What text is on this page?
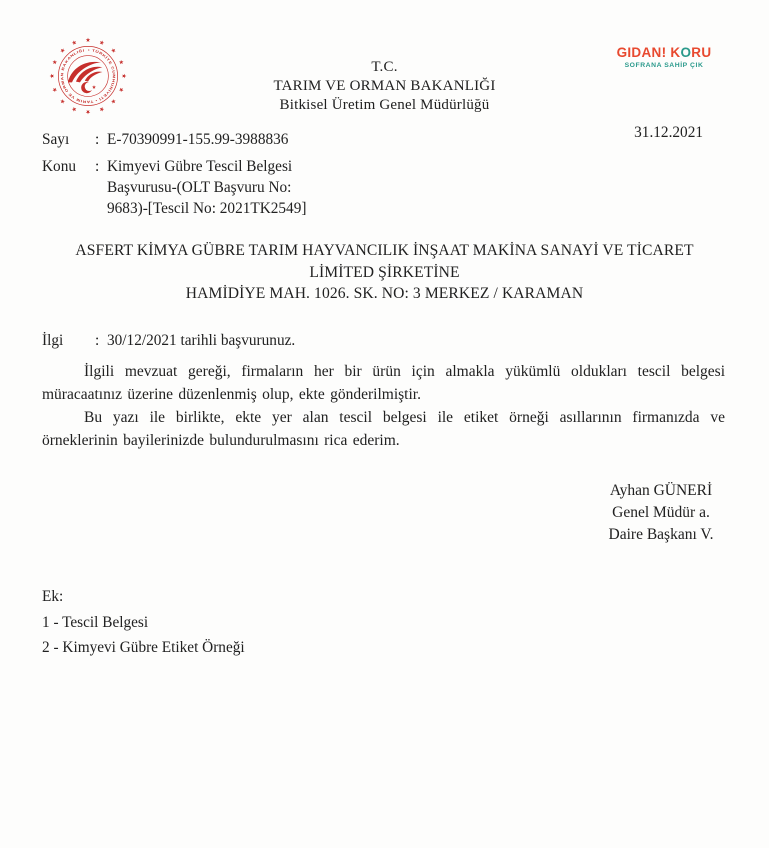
• TÜRKİYE CUMHURİYETİ • TARIM VE ORMAN BAKANLIĞI
T.C.
TARIM VE ORMAN BAKANLIĞI
Bitkisel Üretim Genel Müdürlüğü
GIDAN! KORU
SOFRANA SAHİP ÇIK
31.12.2021
Sayı	: E-70390991-155.99-3988836
Konu	: Kimyevi Gübre Tescil Belgesi
Başvurusu-(OLT Başvuru No:
9683)-[Tescil No: 2021TK2549]
ASFERT KİMYA GÜBRE TARIM HAYVANCILIK İNŞAAT MAKİNA SANAYİ VE TİCARET
LİMİTED ŞİRKETİNE
HAMİDİYE MAH. 1026. SK. NO: 3 MERKEZ / KARAMAN
İlgi	: 30/12/2021 tarihli başvurunuz.

İlgili mevzuat gereği, firmaların her bir ürün için almakla yükümlü oldukları tescil belgesi müracaatınız üzerine düzenlenmiş olup, ekte gönderilmiştir.

Bu yazı ile birlikte, ekte yer alan tescil belgesi ile etiket örneği asıllarının firmanızda ve örneklerinin bayilerinizde bulundurulmasını rica ederim.

Ayhan GÜNERİ
Genel Müdür a.
Daire Başkanı V.
Ek:
1 - Tescil Belgesi
2 - Kimyevi Gübre Etiket Örneği
